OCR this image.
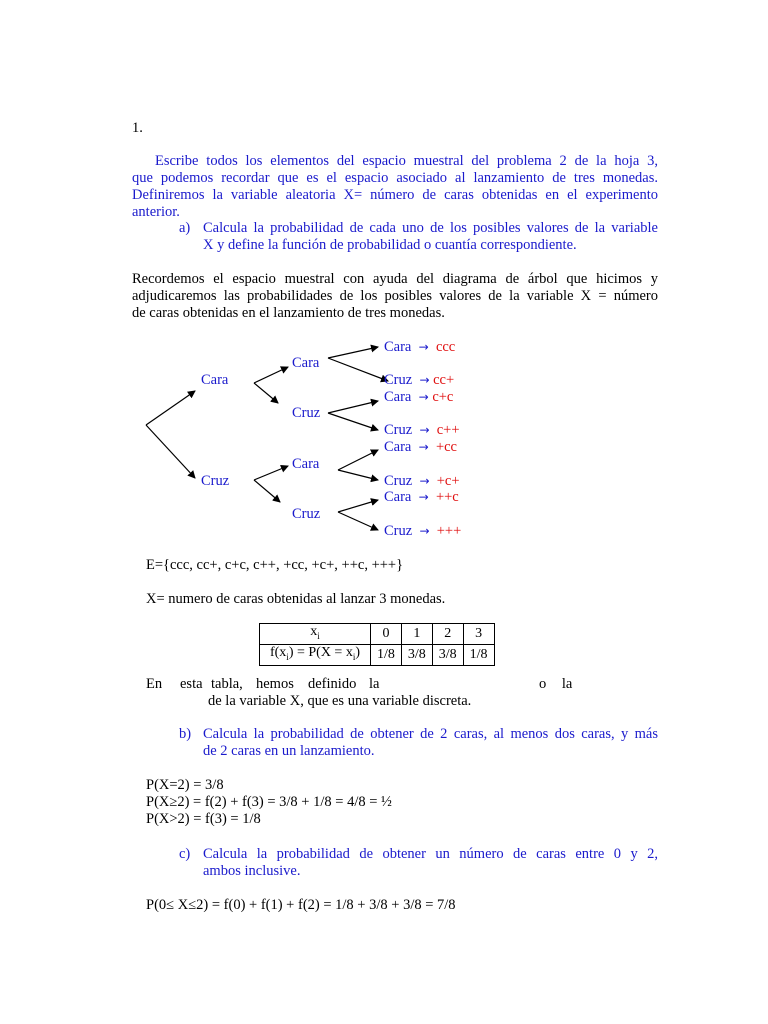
1.
Escribe todos los elementos del espacio muestral del problema 2 de la hoja 3,
que podemos recordar que es el espacio asociado al lanzamiento de tres monedas.
Definiremos la variable aleatoria X= número de caras obtenidas en el experimento
anterior.
a) Calcula la probabilidad de cada uno de los posibles valores de la variable
X y define la función de probabilidad o cuantía correspondiente.
Recordemos el espacio muestral con ayuda del diagrama de árbol que hicimos y
adjudicaremos las probabilidades de los posibles valores de la variable X = número
de caras obtenidas en el lanzamiento de tres monedas.
Cara
Cruz
Cara
Cruz
Cara
Cruz
Cara → ccc
Cruz → cc+
Cara → c+c
Cruz → c++
Cara → +cc
Cruz → +c+
Cara → ++c
Cruz → +++
E={ccc, cc+, c+c, c++, +cc, +c+, ++c, +++}
X= numero de caras obtenidas al lanzar 3 monedas.
$x_i$	0	1	2	3
$f(x_i) = P(X = x_i)$	1/8	3/8	3/8	1/8
En esta tabla, hemos definido la	o la
de la variable X, que es una variable discreta.
b) Calcula la probabilidad de obtener de 2 caras, al menos dos caras, y más
de 2 caras en un lanzamiento.
P(X=2) = 3/8
P(X≥2) = f(2) + f(3) = 3/8 + 1/8 = 4/8 = ½
P(X>2) = f(3) = 1/8
c) Calcula la probabilidad de obtener un número de caras entre 0 y 2,
ambos inclusive.
P(0≤ X≤2) = f(0) + f(1) + f(2) = 1/8 + 3/8 + 3/8 = 7/8
